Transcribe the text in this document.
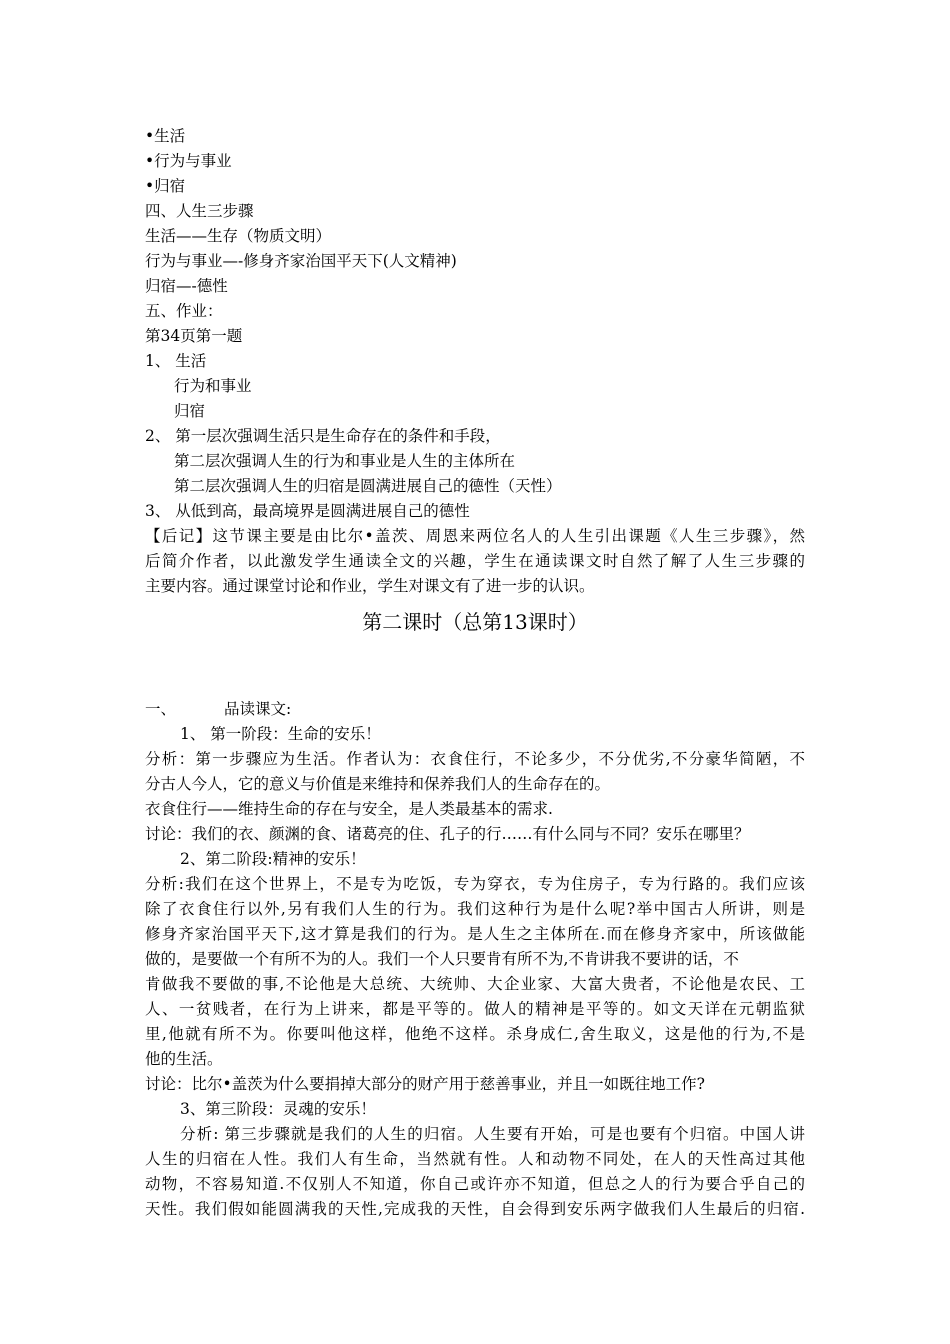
•生活
•行为与事业
•归宿
四、人生三步骤
生活——生存（物质文明）
行为与事业—-修身齐家治国平天下(人文精神)
归宿—-德性
五、作业：
第34页第一题
1、 生活
行为和事业
归宿
2、 第一层次强调生活只是生命存在的条件和手段，
第二层次强调人生的行为和事业是人生的主体所在
第二层次强调人生的归宿是圆满进展自己的德性（天性）
3、 从低到高，最高境界是圆满进展自己的德性
【后记】这节课主要是由比尔•盖茨、周恩来两位名人的人生引出课题《人生三步骤》，然
后简介作者，以此激发学生通读全文的兴趣，学生在通读课文时自然了解了人生三步骤的
主要内容。通过课堂讨论和作业，学生对课文有了进一步的认识。
第二课时（总第13课时）
一、	品读课文:
1、 第一阶段：生命的安乐！
分析：第一步骤应为生活。作者认为：衣食住行，不论多少，不分优劣,不分豪华简陋，不
分古人今人，它的意义与价值是来维持和保养我们人的生命存在的。
衣食住行——维持生命的存在与安全，是人类最基本的需求.
讨论：我们的衣、颜渊的食、诸葛亮的住、孔子的行……有什么同与不同？安乐在哪里？
2、第二阶段:精神的安乐！
分析:我们在这个世界上，不是专为吃饭，专为穿衣，专为住房子，专为行路的。我们应该
除了衣食住行以外,另有我们人生的行为。我们这种行为是什么呢?举中国古人所讲，则是
修身齐家治国平天下,这才算是我们的行为。是人生之主体所在.而在修身齐家中，所该做能
做的，是要做一个有所不为的人。我们一个人只要肯有所不为,不肯讲我不要讲的话，不
肯做我不要做的事,不论他是大总统、大统帅、大企业家、大富大贵者，不论他是农民、工
人、一贫贱者，在行为上讲来，都是平等的。做人的精神是平等的。如文天详在元朝监狱
里,他就有所不为。你要叫他这样，他绝不这样。杀身成仁,舍生取义，这是他的行为,不是
他的生活。
讨论：比尔•盖茨为什么要捐掉大部分的财产用于慈善事业，并且一如既往地工作?
3、第三阶段：灵魂的安乐！
分析: 第三步骤就是我们的人生的归宿。人生要有开始，可是也要有个归宿。中国人讲
人生的归宿在人性。我们人有生命，当然就有性。人和动物不同处，在人的天性高过其他
动物，不容易知道.不仅别人不知道，你自己或许亦不知道，但总之人的行为要合乎自己的
天性。我们假如能圆满我的天性,完成我的天性，自会得到安乐两字做我们人生最后的归宿.
